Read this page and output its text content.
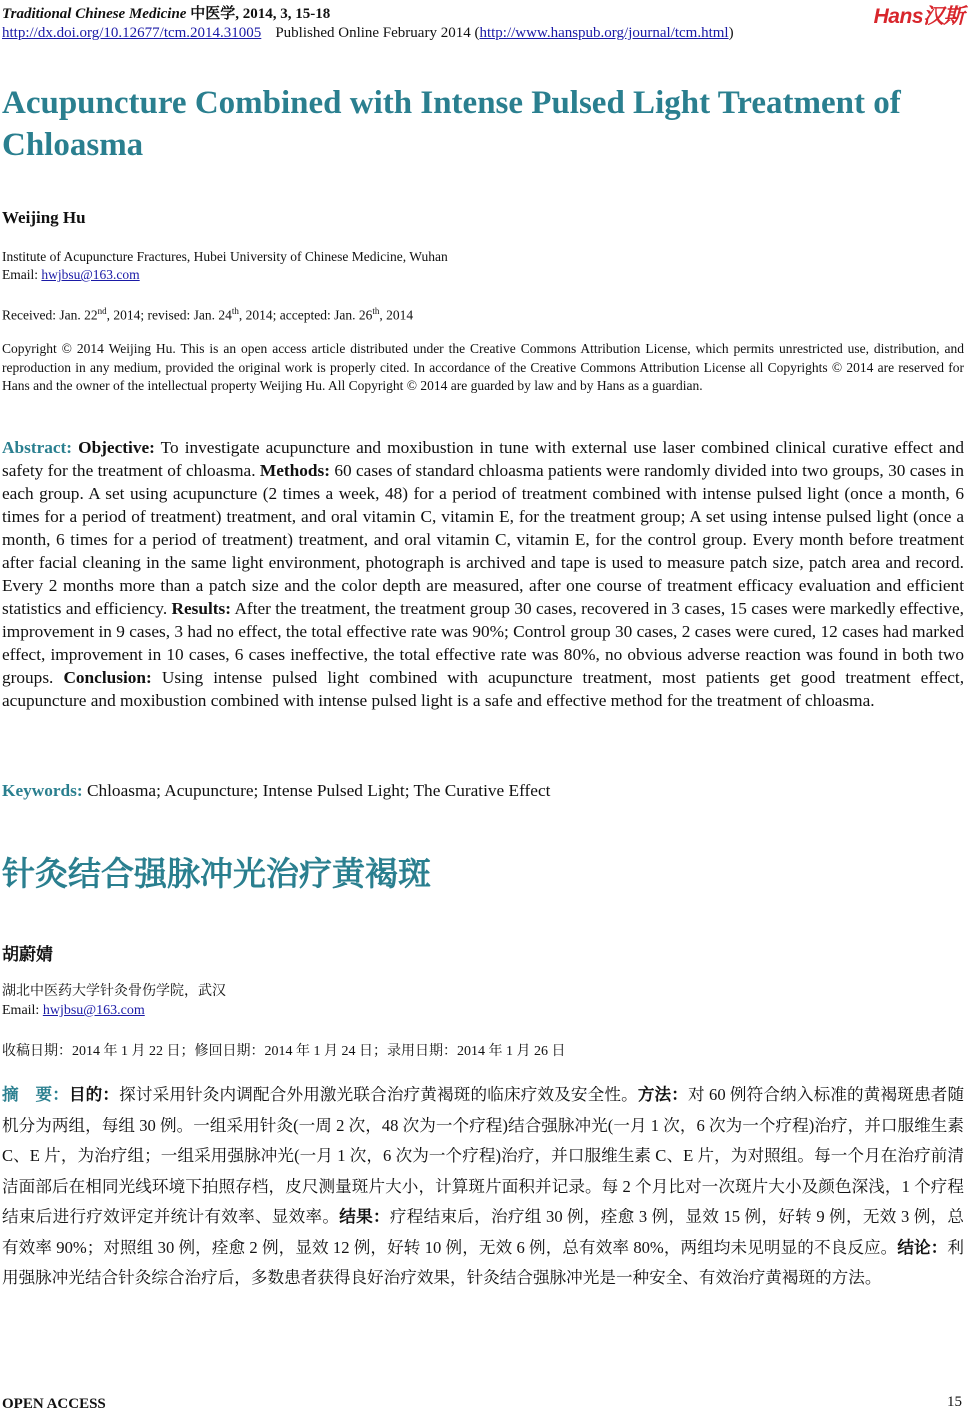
Traditional Chinese Medicine 中医学, 2014, 3, 15-18	Hans汉斯
http://dx.doi.org/10.12677/tcm.2014.31005 Published Online February 2014 (http://www.hanspub.org/journal/tcm.html)
Acupuncture Combined with Intense Pulsed Light Treatment of Chloasma
Weijing Hu
Institute of Acupuncture Fractures, Hubei University of Chinese Medicine, Wuhan
Email: hwjbsu@163.com
Received: Jan. 22nd, 2014; revised: Jan. 24th, 2014; accepted: Jan. 26th, 2014
Copyright © 2014 Weijing Hu. This is an open access article distributed under the Creative Commons Attribution License, which permits unrestricted use, distribution, and reproduction in any medium, provided the original work is properly cited. In accordance of the Creative Commons Attribution License all Copyrights © 2014 are reserved for Hans and the owner of the intellectual property Weijing Hu. All Copyright © 2014 are guarded by law and by Hans as a guardian.
Abstract: Objective: To investigate acupuncture and moxibustion in tune with external use laser combined clinical curative effect and safety for the treatment of chloasma. Methods: 60 cases of standard chloasma patients were randomly divided into two groups, 30 cases in each group. A set using acupuncture (2 times a week, 48) for a period of treatment combined with intense pulsed light (once a month, 6 times for a period of treatment) treatment, and oral vitamin C, vitamin E, for the treatment group; A set using intense pulsed light (once a month, 6 times for a period of treatment) treatment, and oral vitamin C, vitamin E, for the control group. Every month before treatment after facial cleaning in the same light environment, photograph is archived and tape is used to measure patch size, patch area and record. Every 2 months more than a patch size and the color depth are measured, after one course of treatment efficacy evaluation and efficient statistics and efficiency. Results: After the treatment, the treatment group 30 cases, recovered in 3 cases, 15 cases were markedly effective, improvement in 9 cases, 3 had no effect, the total effective rate was 90%; Control group 30 cases, 2 cases were cured, 12 cases had marked effect, improvement in 10 cases, 6 cases ineffective, the total effective rate was 80%, no obvious adverse reaction was found in both two groups. Conclusion: Using intense pulsed light combined with acupuncture treatment, most patients get good treatment effect, acupuncture and moxibustion combined with intense pulsed light is a safe and effective method for the treatment of chloasma.
Keywords: Chloasma; Acupuncture; Intense Pulsed Light; The Curative Effect
针灸结合强脉冲光治疗黄褐斑
胡蔚婧
湖北中医药大学针灸骨伤学院，武汉
Email: hwjbsu@163.com
收稿日期：2014 年 1 月 22 日；修回日期：2014 年 1 月 24 日；录用日期：2014 年 1 月 26 日
摘　要：目的：探讨采用针灸内调配合外用激光联合治疗黄褐斑的临床疗效及安全性。方法：对 60 例符合纳入标准的黄褐斑患者随机分为两组，每组 30 例。一组采用针灸(一周 2 次，48 次为一个疗程)结合强脉冲光(一月 1 次，6 次为一个疗程)治疗，并口服维生素 C、E 片，为治疗组；一组采用强脉冲光(一月 1 次，6 次为一个疗程)治疗，并口服维生素 C、E 片，为对照组。每一个月在治疗前清洁面部后在相同光线环境下拍照存档，皮尺测量斑片大小，计算斑片面积并记录。每 2 个月比对一次斑片大小及颜色深浅，1 个疗程结束后进行疗效评定并统计有效率、显效率。结果：疗程结束后，治疗组 30 例，痊愈 3 例，显效 15 例，好转 9 例，无效 3 例，总有效率 90%；对照组 30 例，痊愈 2 例，显效 12 例，好转 10 例，无效 6 例，总有效率 80%，两组均未见明显的不良反应。结论：利用强脉冲光结合针灸综合治疗后，多数患者获得良好治疗效果，针灸结合强脉冲光是一种安全、有效治疗黄褐斑的方法。
OPEN ACCESS	15
